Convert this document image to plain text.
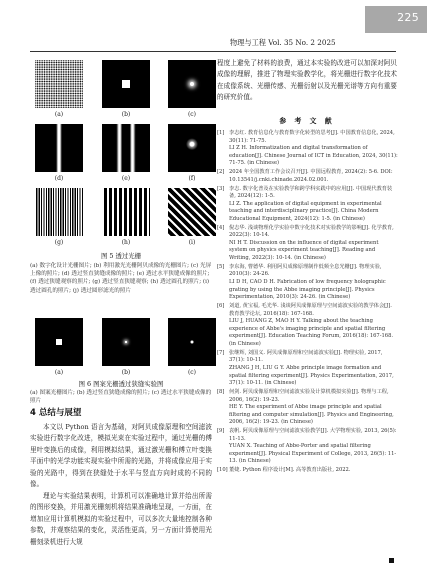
225
物理与工程 Vol. 35 No. 2 2025
(a)	(b)	(c)
(d)	(e)	(f)
(g)	(h)	(i)
图 5 透过光栅
(a) 数字化设计光栅图片; (b) 利用激光光栅阿贝成像的光栅图片; (c) 光屏上像的照片; (d) 透过竖直狭缝成像的照片; (e) 透过水平狭缝成像的照片; (f) 透过狭缝观察的照片; (g) 透过竖直狭缝观察; (h) 透过圆孔的照片; (i) 透过圆孔的照片; (j) 透过圆形滤光的照片
(a)	(b)	(c)
图 6 图案光栅透过狭缝实验图
(a) 图案光栅图片; (b) 透过竖直狭缝成像的照片; (c) 透过水平狭缝成像的照片
4 总结与展望
本文以 Python 语言为基础，对阿贝成像原理和空间滤波实验进行数字化改进，模拟光束在实验过程中，通过光栅的傅里叶变换后的成像，利用模拟结果，通过激光栅和傅立叶变换平面中的光学功能实现实验中所需的光路，并将成像应用于实验的光路中，得到在狭缝处于水平与竖直方向时成的不同的像。
理论与实验结果表明，计算机可以准确地计算并给出所需的图形变换，并用激光栅刻机将结果准确地呈现，一方面，在增加应用计算机模拟的实验过程中，可以多次大量地控制各种参数，并观察结果的变化，灵活性更高，另一方面计算使用光栅刻录机进行大规
程度上避免了材料的浪费，通过本实验的改进可以加深对阿贝成像的理解，推进了物理实验教学化，将光栅进行数字化技术在成像系统、光栅传感、光栅衍射以及光栅光谱等方向有重要的研究价值。
参 考 文 献
[1] 李志红. 教育信息化与教育数字化转型的思考[J]. 中国教育信息化, 2024, 30(11): 71-75.
LI Z H. Informatization and digital transformation of education[J]. Chinese Journal of ICT in Education, 2024, 30(11): 71-75. (in Chinese)
[2] 2024 年全国教育工作会议召开[J]. 中国远程教育, 2024(2): 5-6. DOI: 10.13541/j.cnki.chinade.2024.02.001.
[3] 李志. 数字化普及在实验教学和跨学科实践中的应用[J]. 中国现代教育装备, 2024(12): 1-5.
LI Z. The application of digital equipment in experimental teaching and interdisciplinary practice[J]. China Modern Educational Equipment, 2024(12): 1-5. (in Chinese)
[4] 倪志华. 浅谈物理化学实验中数字化技术对实验教学的影响[J]. 化学教育, 2022(3): 10-14.
NI H T. Discussion on the influence of digital experiment system on physics experiment teaching[J]. Reading and Writing, 2022(3): 10-14. (in Chinese)
[5] 李东海, 曹德华. 利用阿贝成像原理制作低频全息光栅[J]. 物理实验, 2010(3): 24-26.
LI D H, CAO D H. Fabrication of low frequency holographic grating by using the Abbe imaging principle[J]. Physics Experimentation, 2010(3): 24-26. (in Chinese)
[6] 刘道, 黄宝福, 毛光华. 浅谈阿贝成像原理与空间滤波实验的教学体会[J]. 教育教学论坛, 2016(18): 167-168.
LIU J, HUANG Z, MAO H Y. Talking about the teaching experience of Abbe's imaging principle and spatial filtering experiment[J]. Education Teaching Forum, 2016(18): 167-168. (in Chinese)
[7] 张继辉, 刘国义. 阿贝成像原理和空间滤波实验[J]. 物理实验, 2017, 37(1): 10-11.
ZHANG J H, LIU G Y. Abbe principle image formation and spatial filtering experiment[J]. Physics Experimentation, 2017, 37(1): 10-11. (in Chinese)
[8] 何剑. 阿贝成像原理和空间滤波实验及计算机模拟实验[J]. 物理与工程, 2006, 16(2): 19-23.
HE Y. The experiment of Abbe image principle and spatial filtering and computer simulation[J]. Physics and Engineering, 2006, 16(2): 19-23. (in Chinese)
[9] 袁帆. 阿贝成像原理与空间滤波实验教学[J]. 大学物理实验, 2013, 26(5): 11-13.
YUAN X. Teaching of Abbe-Porter and spatial filtering experiment[J]. Physical Experiment of College, 2013, 26(5): 11-13. (in Chinese)
[10] 董婕. Python 程序设计[M]. 高等教育出版社, 2022.
